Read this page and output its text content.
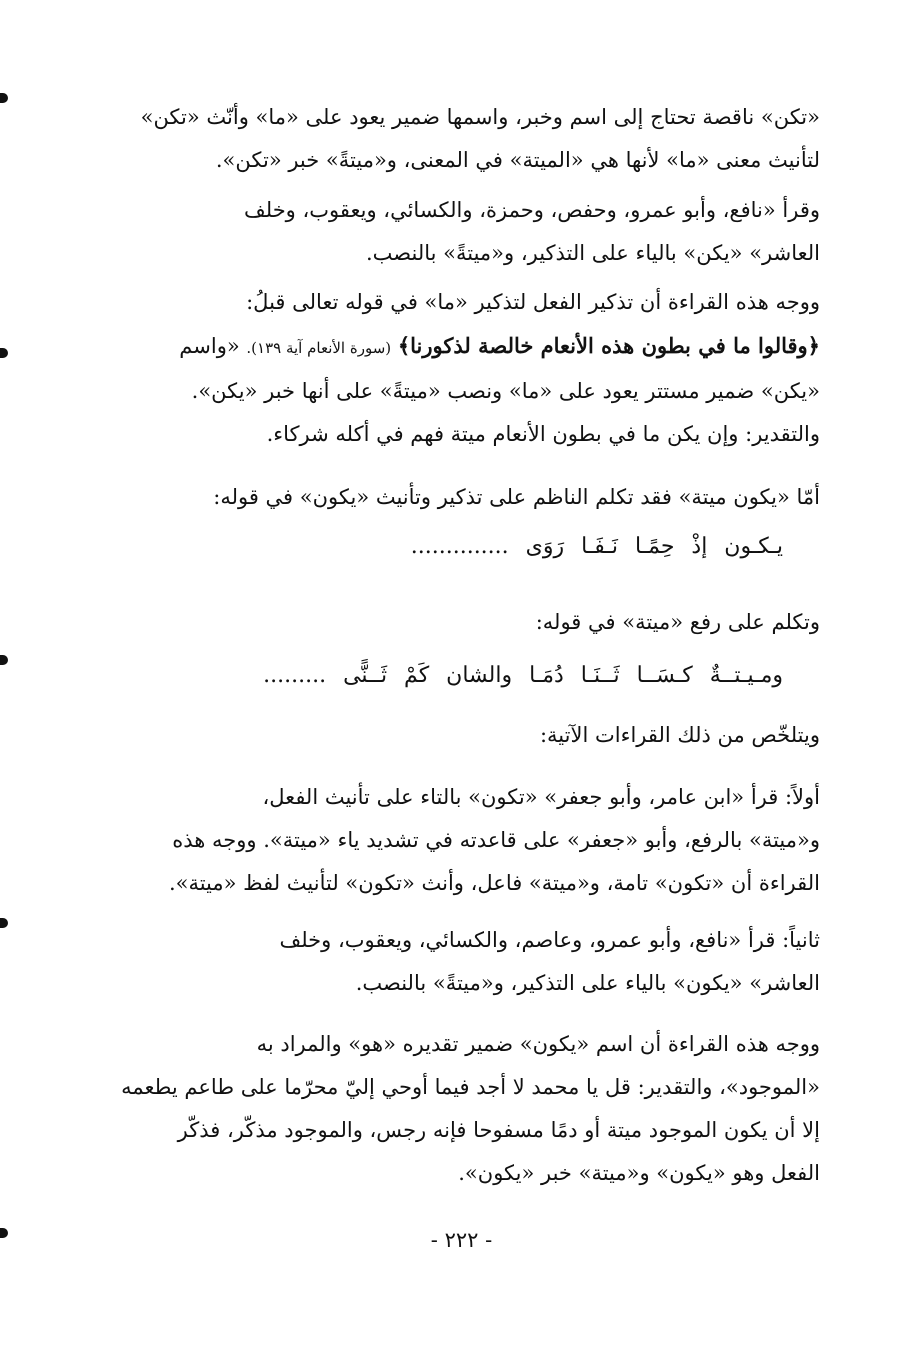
«تكن» ناقصة تحتاج إلى اسم وخبر، واسمها ضمير يعود على «ما» وأنّث «تكن»
لتأنيث معنى «ما» لأنها هي «الميتة» في المعنى، و«ميتةً» خبر «تكن».
وقرأ «نافع، وأبو عمرو، وحفص، وحمزة، والكسائي، ويعقوب، وخلف
العاشر» «يكن» بالياء على التذكير، و«ميتةً» بالنصب.
ووجه هذه القراءة أن تذكير الفعل لتذكير «ما» في قوله تعالى قبلُ:
﴿وقالوا ما في بطون هذه الأنعام خالصة لذكورنا﴾ (سورة الأنعام آية ١٣٩). «واسم
«يكن» ضمير مستتر يعود على «ما» ونصب «ميتةً» على أنها خبر «يكن».
والتقدير: وإن يكن ما في بطون الأنعام ميتة فهم في أكله شركاء.
أمّا «يكون ميتة» فقد تكلم الناظم على تذكير وتأنيث «يكون» في قوله:
يـكـون إذْ حِمًـا نَـفَـا رَوَى ..............
وتكلم على رفع «ميتة» في قوله:
ومـيـتــةٌ كـسَــا ثَــنَـا دُمَـا والشان كَمْ ثَــنًّى .........
ويتلخّص من ذلك القراءات الآتية:
أولاً: قرأ «ابن عامر، وأبو جعفر» «تكون» بالتاء على تأنيث الفعل،
و«ميتة» بالرفع، وأبو «جعفر» على قاعدته في تشديد ياء «ميتة». ووجه هذه
القراءة أن «تكون» تامة، و«ميتة» فاعل، وأنث «تكون» لتأنيث لفظ «ميتة».
ثانياً: قرأ «نافع، وأبو عمرو، وعاصم، والكسائي، ويعقوب، وخلف
العاشر» «يكون» بالياء على التذكير، و«ميتةً» بالنصب.
ووجه هذه القراءة أن اسم «يكون» ضمير تقديره «هو» والمراد به
«الموجود»، والتقدير: قل يا محمد لا أجد فيما أوحي إليّ محرّما على طاعم يطعمه
إلا أن يكون الموجود ميتة أو دمًا مسفوحا فإنه رجس، والموجود مذكّر، فذكّر
الفعل وهو «يكون» و«ميتة» خبر «يكون».
- ٢٢٢ -
